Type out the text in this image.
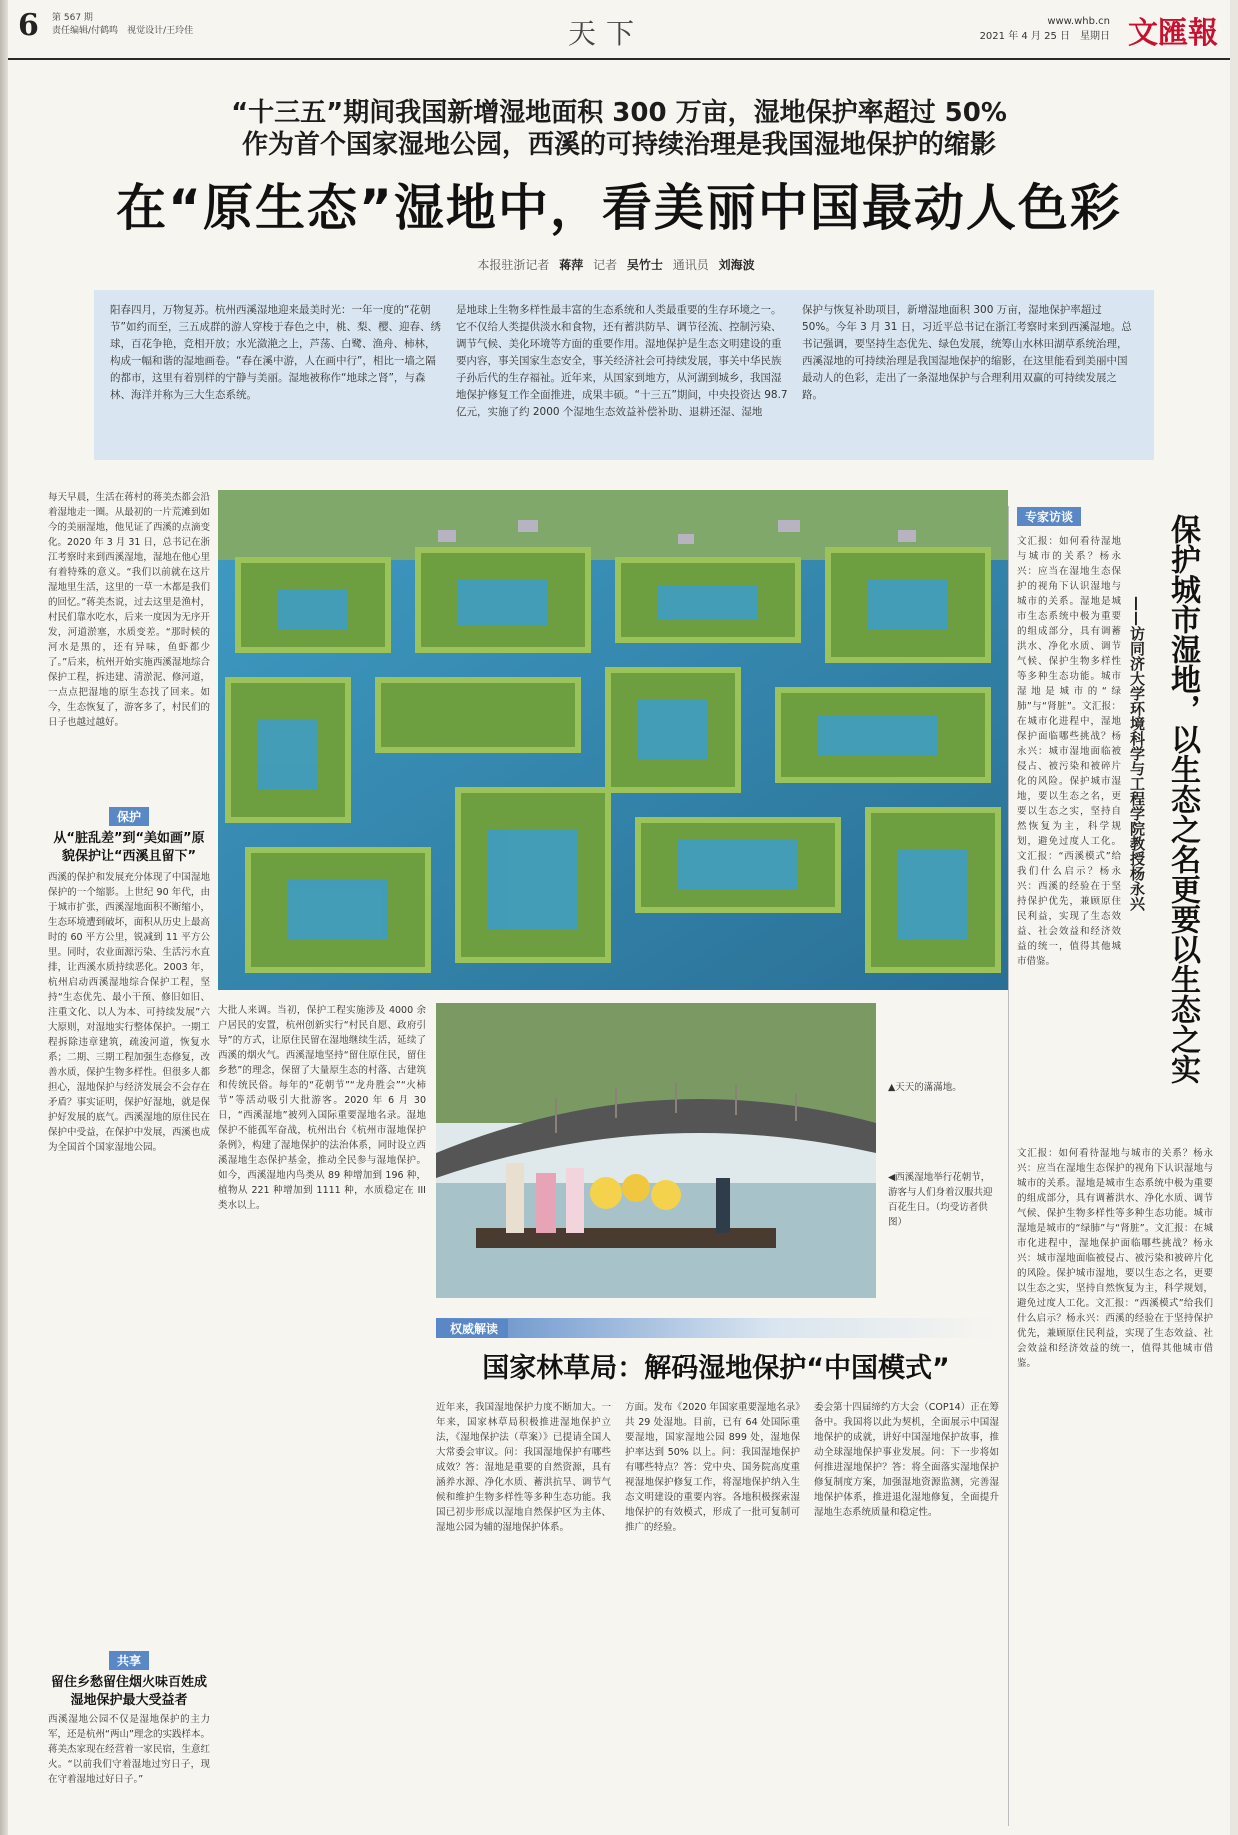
6 第 567 期
责任编辑/付鹤鸣　 视觉设计/王玲佳	天下	www.whb.cn
2021 年 4 月 25 日　星期日 文匯報
“十三五”期间我国新增湿地面积 300 万亩，湿地保护率超过 50%
作为首个国家湿地公园，西溪的可持续治理是我国湿地保护的缩影
在“原生态”湿地中，看美丽中国最动人色彩
本报驻浙记者 蒋萍 记者 吴竹士 通讯员 刘海波
阳春四月，万物复苏。杭州西溪湿地迎来最美时光：一年一度的“花朝节”如约而至，三五成群的游人穿梭于春色之中，桃、梨、樱、迎春、绣球，百花争艳，竞相开放；水光潋滟之上，芦荡、白鹭、渔舟、柿林，构成一幅和谐的湿地画卷。“春在溪中游，人在画中行”，相比一墙之隔的都市，这里有着别样的宁静与美丽。湿地被称作“地球之肾”，与森林、海洋并称为三大生态系统。
是地球上生物多样性最丰富的生态系统和人类最重要的生存环境之一。它不仅给人类提供淡水和食物，还有蓄洪防旱、调节径流、控制污染、调节气候、美化环境等方面的重要作用。湿地保护是生态文明建设的重要内容，事关国家生态安全，事关经济社会可持续发展，事关中华民族子孙后代的生存福祉。近年来，从国家到地方，从河湖到城乡，我国湿地保护修复工作全面推进，成果丰硕。“十三五”期间，中央投资达 98.7 亿元，实施了约 2000 个湿地生态效益补偿补助、退耕还湿、湿地
保护与恢复补助项目，新增湿地面积 300 万亩，湿地保护率超过 50%。今年 3 月 31 日，习近平总书记在浙江考察时来到西溪湿地。总书记强调，要坚持生态优先、绿色发展，统筹山水林田湖草系统治理，西溪湿地的可持续治理是我国湿地保护的缩影，在这里能看到美丽中国最动人的色彩，走出了一条湿地保护与合理利用双赢的可持续发展之路。
每天早晨，生活在蒋村的蒋美杰都会沿着湿地走一圈。从最初的一片荒滩到如今的美丽湿地，他见证了西溪的点滴变化。2020 年 3 月 31 日，总书记在浙江考察时来到西溪湿地，湿地在他心里有着特殊的意义。“我们以前就在这片湿地里生活，这里的一草一木都是我们的回忆。”蒋美杰说，过去这里是渔村，村民们靠水吃水，后来一度因为无序开发，河道淤塞，水质变差。“那时候的河水是黑的，还有异味，鱼虾都少了。”后来，杭州开始实施西溪湿地综合保护工程，拆违建、清淤泥、修河道，一点点把湿地的原生态找了回来。如今，生态恢复了，游客多了，村民们的日子也越过越好。
保护
从“脏乱差”到“美如画”原貌保护让“西溪且留下”
西溪的保护和发展充分体现了中国湿地保护的一个缩影。上世纪 90 年代，由于城市扩张，西溪湿地面积不断缩小，生态环境遭到破坏，面积从历史上最高时的 60 平方公里，锐减到 11 平方公里。同时，农业面源污染、生活污水直排，让西溪水质持续恶化。2003 年，杭州启动西溪湿地综合保护工程，坚持“生态优先、最小干预、修旧如旧、注重文化、以人为本、可持续发展”六大原则，对湿地实行整体保护。一期工程拆除违章建筑，疏浚河道，恢复水系；二期、三期工程加强生态修复，改善水质，保护生物多样性。但很多人都担心，湿地保护与经济发展会不会存在矛盾？事实证明，保护好湿地，就是保护好发展的底气。西溪湿地的原住民在保护中受益，在保护中发展，西溪也成为全国首个国家湿地公园。
共享
留住乡愁留住烟火味百姓成湿地保护最大受益者
西溪湿地公园不仅是湿地保护的主力军，还是杭州“两山”理念的实践样本。蒋美杰家现在经营着一家民宿，生意红火。“以前我们守着湿地过穷日子，现在守着湿地过好日子。”
大批人来调。当初，保护工程实施涉及 4000 余户居民的安置，杭州创新实行“村民自愿、政府引导”的方式，让原住民留在湿地继续生活，延续了西溪的烟火气。西溪湿地坚持“留住原住民，留住乡愁”的理念，保留了大量原生态的村落、古建筑和传统民俗。每年的“花朝节”“龙舟胜会”“火柿节”等活动吸引大批游客。2020 年 6 月 30 日，“西溪湿地”被列入国际重要湿地名录。湿地保护不能孤军奋战，杭州出台《杭州市湿地保护条例》，构建了湿地保护的法治体系，同时设立西溪湿地生态保护基金，推动全民参与湿地保护。如今，西溪湿地内鸟类从 89 种增加到 196 种，植物从 221 种增加到 1111 种，水质稳定在 III 类水以上。
▲天天的滿滿地。
◀西溪湿地举行花朝节，游客与人们身着汉服共迎百花生日。（均受访者供图）
权威解读
国家林草局：解码湿地保护“中国模式”
近年来，我国湿地保护力度不断加大。一年来，国家林草局积极推进湿地保护立法，《湿地保护法（草案）》已提请全国人大常委会审议。问：我国湿地保护有哪些成效？答：湿地是重要的自然资源，具有涵养水源、净化水质、蓄洪抗旱、调节气候和维护生物多样性等多种生态功能。我国已初步形成以湿地自然保护区为主体、湿地公园为辅的湿地保护体系。
方面。发布《2020 年国家重要湿地名录》共 29 处湿地。目前，已有 64 处国际重要湿地，国家湿地公园 899 处，湿地保护率达到 50% 以上。问：我国湿地保护有哪些特点？答：党中央、国务院高度重视湿地保护修复工作，将湿地保护纳入生态文明建设的重要内容。各地积极探索湿地保护的有效模式，形成了一批可复制可推广的经验。
委会第十四届缔约方大会（COP14）正在筹备中。我国将以此为契机，全面展示中国湿地保护的成就，讲好中国湿地保护故事，推动全球湿地保护事业发展。问：下一步将如何推进湿地保护？答：将全面落实湿地保护修复制度方案，加强湿地资源监测，完善湿地保护体系，推进退化湿地修复，全面提升湿地生态系统质量和稳定性。
专家访谈	保护城市湿地，以生态之名更要以生态之实
——访同济大学环境科学与工程学院教授杨永兴
文汇报：如何看待湿地与城市的关系？杨永兴：应当在湿地生态保护的视角下认识湿地与城市的关系。湿地是城市生态系统中极为重要的组成部分，具有调蓄洪水、净化水质、调节气候、保护生物多样性等多种生态功能。城市湿地是城市的“绿肺”与“肾脏”。文汇报：在城市化进程中，湿地保护面临哪些挑战？杨永兴：城市湿地面临被侵占、被污染和被碎片化的风险。保护城市湿地，要以生态之名，更要以生态之实，坚持自然恢复为主，科学规划，避免过度人工化。文汇报：“西溪模式”给我们什么启示？杨永兴：西溪的经验在于坚持保护优先，兼顾原住民利益，实现了生态效益、社会效益和经济效益的统一，值得其他城市借鉴。
文汇报：如何看待湿地与城市的关系？杨永兴：应当在湿地生态保护的视角下认识湿地与城市的关系。湿地是城市生态系统中极为重要的组成部分，具有调蓄洪水、净化水质、调节气候、保护生物多样性等多种生态功能。城市湿地是城市的“绿肺”与“肾脏”。文汇报：在城市化进程中，湿地保护面临哪些挑战？杨永兴：城市湿地面临被侵占、被污染和被碎片化的风险。保护城市湿地，要以生态之名，更要以生态之实，坚持自然恢复为主，科学规划，避免过度人工化。文汇报：“西溪模式”给我们什么启示？杨永兴：西溪的经验在于坚持保护优先，兼顾原住民利益，实现了生态效益、社会效益和经济效益的统一，值得其他城市借鉴。
